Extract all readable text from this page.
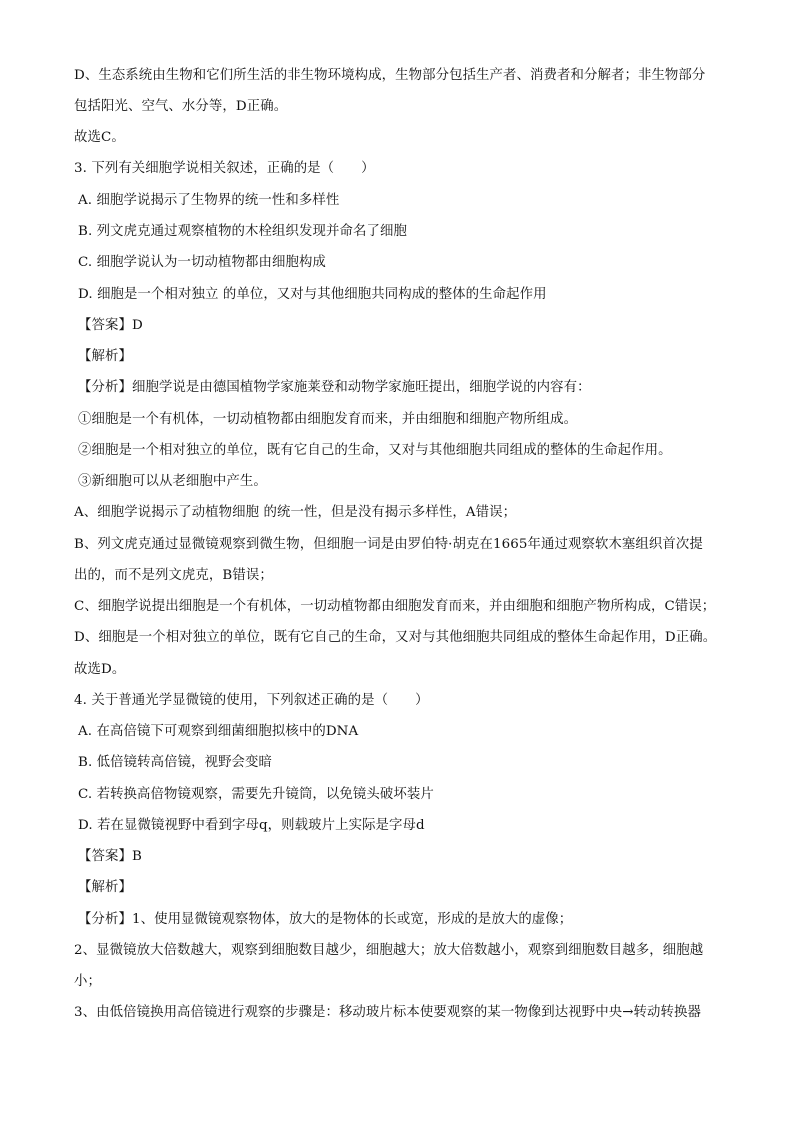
D、生态系统由生物和它们所生活的非生物环境构成，生物部分包括生产者、消费者和分解者；非生物部分
包括阳光、空气、水分等，D正确。
故选C。
3. 下列有关细胞学说相关叙述，正确的是（　　）
A. 细胞学说揭示了生物界的统一性和多样性
B. 列文虎克通过观察植物的木栓组织发现并命名了细胞
C. 细胞学说认为一切动植物都由细胞构成
D. 细胞是一个相对独立 的单位，又对与其他细胞共同构成的整体的生命起作用
【答案】D
【解析】
【分析】细胞学说是由德国植物学家施莱登和动物学家施旺提出，细胞学说的内容有：
①细胞是一个有机体，一切动植物都由细胞发育而来，并由细胞和细胞产物所组成。
②细胞是一个相对独立的单位，既有它自己的生命，又对与其他细胞共同组成的整体的生命起作用。
③新细胞可以从老细胞中产生。
A、细胞学说揭示了动植物细胞 的统一性，但是没有揭示多样性，A错误；
B、列文虎克通过显微镜观察到微生物，但细胞一词是由罗伯特·胡克在1665年通过观察软木塞组织首次提
出的，而不是列文虎克，B错误；
C、细胞学说提出细胞是一个有机体，一切动植物都由细胞发育而来，并由细胞和细胞产物所构成，C错误；
D、细胞是一个相对独立的单位，既有它自己的生命，又对与其他细胞共同组成的整体生命起作用，D正确。
故选D。
4. 关于普通光学显微镜的使用，下列叙述正确的是（　　）
A. 在高倍镜下可观察到细菌细胞拟核中的DNA
B. 低倍镜转高倍镜，视野会变暗
C. 若转换高倍物镜观察，需要先升镜筒，以免镜头破坏装片
D. 若在显微镜视野中看到字母q，则载玻片上实际是字母d
【答案】B
【解析】
【分析】1、使用显微镜观察物体，放大的是物体的长或宽，形成的是放大的虚像；
2、显微镜放大倍数越大，观察到细胞数目越少，细胞越大；放大倍数越小，观察到细胞数目越多，细胞越
小；
3、由低倍镜换用高倍镜进行观察的步骤是：移动玻片标本使要观察的某一物像到达视野中央→转动转换器
